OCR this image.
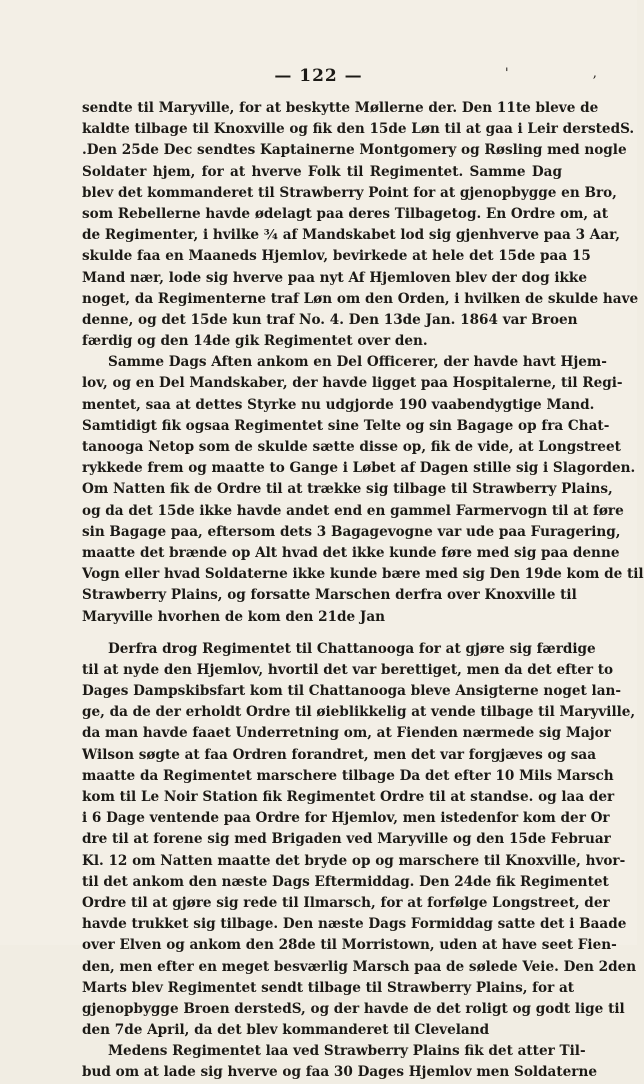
— 122 —	' ,
sendte til Maryville, for at beskytte Møllerne der. Den 11te bleve de
kaldte tilbage til Knoxville og fik den 15de Løn til at gaa i Leir derstedS.
.Den 25de Dec sendtes Kaptainerne Montgomery og Røsling med nogle
Soldater hjem, for at hverve Folk til Regimentet. Samme Dag
blev det kommanderet til Strawberry Point for at gjenopbygge en Bro,
som Rebellerne havde ødelagt paa deres Tilbagetog. En Ordre om, at
de Regimenter, i hvilke ¾ af Mandskabet lod sig gjenhverve paa 3 Aar,
skulde faa en Maaneds Hjemlov, bevirkede at hele det 15de paa 15
Mand nær, lode sig hverve paa nyt Af Hjemloven blev der dog ikke
noget, da Regimenterne traf Løn om den Orden, i hvilken de skulde have
denne, og det 15de kun traf No. 4. Den 13de Jan. 1864 var Broen
færdig og den 14de gik Regimentet over den.
Samme Dags Aften ankom en Del Officerer, der havde havt Hjem-
lov, og en Del Mandskaber, der havde ligget paa Hospitalerne, til Regi-
mentet, saa at dettes Styrke nu udgjorde 190 vaabendygtige Mand.
Samtidigt fik ogsaa Regimentet sine Telte og sin Bagage op fra Chat-
tanooga Netop som de skulde sætte disse op, fik de vide, at Longstreet
rykkede frem og maatte to Gange i Løbet af Dagen stille sig i Slagorden.
Om Natten fik de Ordre til at trække sig tilbage til Strawberry Plains,
og da det 15de ikke havde andet end en gammel Farmervogn til at føre
sin Bagage paa, eftersom dets 3 Bagagevogne var ude paa Furagering,
maatte det brænde op Alt hvad det ikke kunde føre med sig paa denne
Vogn eller hvad Soldaterne ikke kunde bære med sig Den 19de kom de til
Strawberry Plains, og forsatte Marschen derfra over Knoxville til
Maryville hvorhen de kom den 21de Jan
Derfra drog Regimentet til Chattanooga for at gjøre sig færdige
til at nyde den Hjemlov, hvortil det var berettiget, men da det efter to
Dages Dampskibsfart kom til Chattanooga bleve Ansigterne noget lan-
ge, da de der erholdt Ordre til øieblikkelig at vende tilbage til Maryville,
da man havde faaet Underretning om, at Fienden nærmede sig Major
Wilson søgte at faa Ordren forandret, men det var forgjæves og saa
maatte da Regimentet marschere tilbage Da det efter 10 Mils Marsch
kom til Le Noir Station fik Regimentet Ordre til at standse. og laa der
i 6 Dage ventende paa Ordre for Hjemlov, men istedenfor kom der Or
dre til at forene sig med Brigaden ved Maryville og den 15de Februar
Kl. 12 om Natten maatte det bryde op og marschere til Knoxville, hvor-
til det ankom den næste Dags Eftermiddag. Den 24de fik Regimentet
Ordre til at gjøre sig rede til Ilmarsch, for at forfølge Longstreet, der
havde trukket sig tilbage. Den næste Dags Formiddag satte det i Baade
over Elven og ankom den 28de til Morristown, uden at have seet Fien-
den, men efter en meget besværlig Marsch paa de sølede Veie. Den 2den
Marts blev Regimentet sendt tilbage til Strawberry Plains, for at
gjenopbygge Broen derstedS, og der havde de det roligt og godt lige til
den 7de April, da det blev kommanderet til Cleveland
Medens Regimentet laa ved Strawberry Plains fik det atter Til-
bud om at lade sig hverve og faa 30 Dages Hjemlov men Soldaterne
